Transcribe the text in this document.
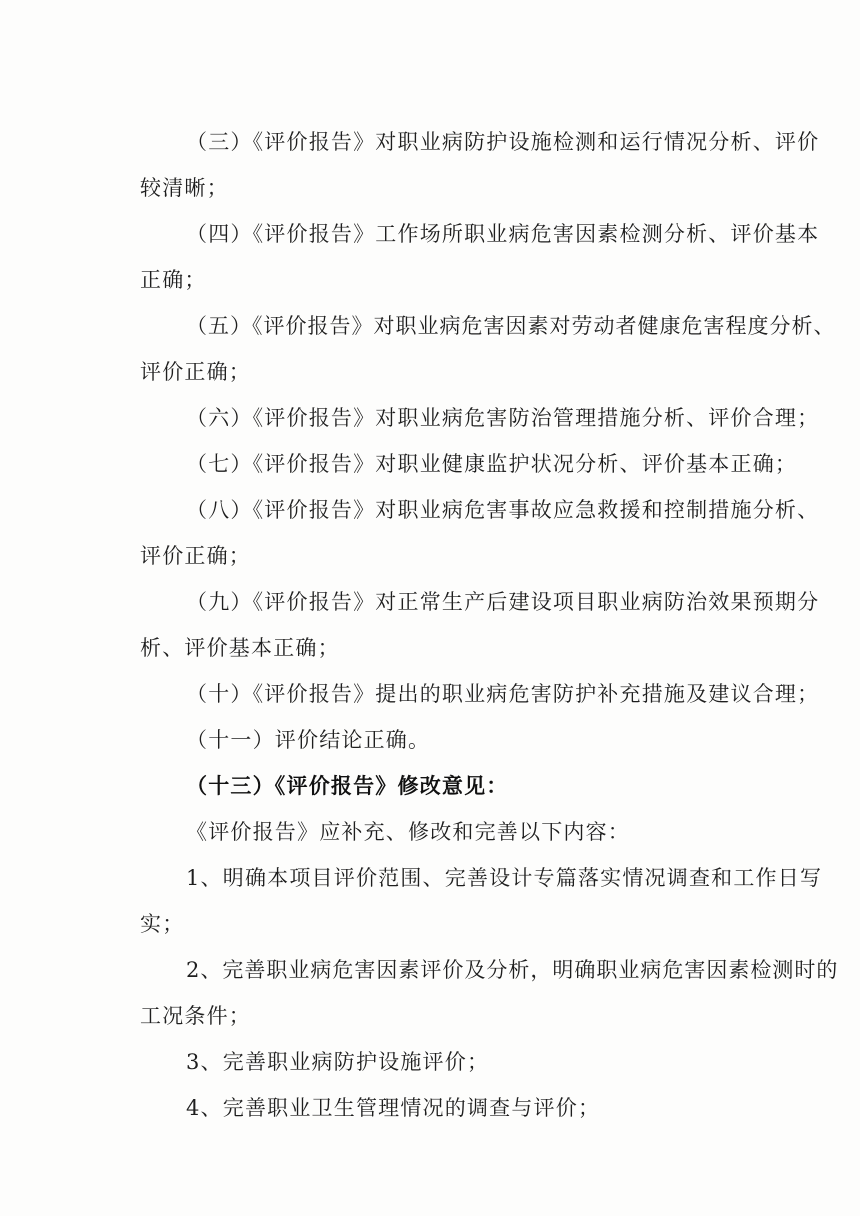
（三）《评价报告》对职业病防护设施检测和运行情况分析、评价
较清晰；
（四）《评价报告》工作场所职业病危害因素检测分析、评价基本
正确；
（五）《评价报告》对职业病危害因素对劳动者健康危害程度分析、
评价正确；
（六）《评价报告》对职业病危害防治管理措施分析、评价合理；
（七）《评价报告》对职业健康监护状况分析、评价基本正确；
（八）《评价报告》对职业病危害事故应急救援和控制措施分析、
评价正确；
（九）《评价报告》对正常生产后建设项目职业病防治效果预期分
析、评价基本正确；
（十）《评价报告》提出的职业病危害防护补充措施及建议合理；
（十一）评价结论正确。
（十三）《评价报告》修改意见：
《评价报告》应补充、修改和完善以下内容：
1、明确本项目评价范围、完善设计专篇落实情况调查和工作日写
实；
2、完善职业病危害因素评价及分析，明确职业病危害因素检测时的
工况条件；
3、完善职业病防护设施评价；
4、完善职业卫生管理情况的调查与评价；
